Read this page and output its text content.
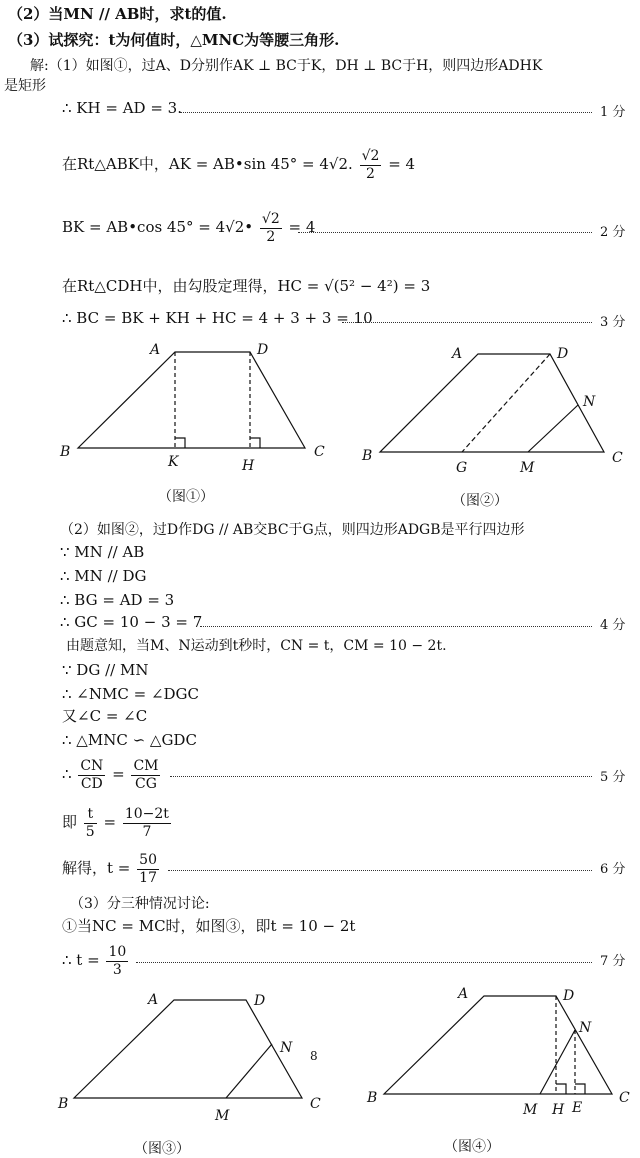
（2）当MN // AB时，求t的值.
（3）试探究：t为何值时，△MNC为等腰三角形.
解:（1）如图①，过A、D分别作AK ⊥ BC于K，DH ⊥ BC于H，则四边形ADHK
是矩形
∴ KH = AD = 3.	1 分
在Rt△ABK中，AK = AB•sin 45° = 4√2. $\frac{√2}{2} = 4$
BK = AB•cos 45° = 4√2• $\frac{√2}{2} = 4$	2 分
在Rt△CDH中，由勾股定理得，HC = √(5² − 4²) = 3
∴ BC = BK + KH + HC = 4 + 3 + 3 = 10	3 分
A	D
B
K	H
C
A	D
N
B
G	M
C
A	D
N
B
M
C
A	D
N
B
M H E
C
（图①）	（图②）
（2）如图②，过D作DG // AB交BC于G点，则四边形ADGB是平行四边形
∵ MN // AB
∴ MN // DG
∴ BG = AD = 3
∴ GC = 10 − 3 = 7	4 分
由题意知，当M、N运动到t秒时，CN = t，CM = 10 − 2t.
∵ DG // MN
∴ ∠NMC = ∠DGC
又∠C = ∠C
∴ △MNC ∽ △GDC
∴ $\frac{CN}{CD} = \frac{CM}{CG}$	5 分
即 $\frac{t}{5} = \frac{10-2t}{7}$
解得，$t = \frac{50}{17}$	6 分
（3）分三种情况讨论:
①当NC = MC时，如图③，即t = 10 − 2t
∴ $t = \frac{10}{3}$	7 分
8
（图③）	（图④）
